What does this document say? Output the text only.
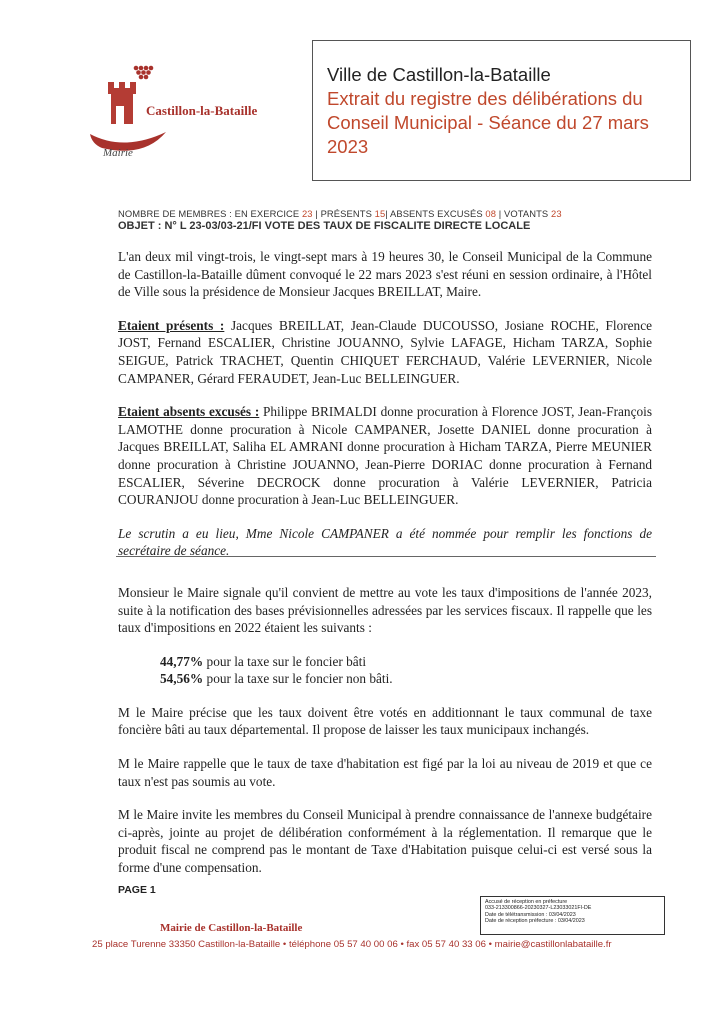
Castillon-la-Bataille
Mairie
Ville de Castillon-la-Bataille
Extrait du registre des délibérations du Conseil Municipal - Séance du 27 mars 2023
NOMBRE DE MEMBRES : EN EXERCICE 23 | PRÉSENTS 15| ABSENTS EXCUSÉS 08 | VOTANTS 23
OBJET : N° L 23-03/03-21/FI VOTE DES TAUX DE FISCALITE DIRECTE LOCALE

L'an deux mil vingt-trois, le vingt-sept mars à 19 heures 30, le Conseil Municipal de la Commune de Castillon-la-Bataille dûment convoqué le 22 mars 2023 s'est réuni en session ordinaire, à l'Hôtel de Ville sous la présidence de Monsieur Jacques BREILLAT, Maire.

Etaient présents : Jacques BREILLAT, Jean-Claude DUCOUSSO, Josiane ROCHE, Florence JOST, Fernand ESCALIER, Christine JOUANNO, Sylvie LAFAGE, Hicham TARZA, Sophie SEIGUE, Patrick TRACHET, Quentin CHIQUET FERCHAUD, Valérie LEVERNIER, Nicole CAMPANER, Gérard FERAUDET, Jean-Luc BELLEINGUER.

Etaient absents excusés : Philippe BRIMALDI donne procuration à Florence JOST, Jean-François LAMOTHE donne procuration à Nicole CAMPANER, Josette DANIEL donne procuration à Jacques BREILLAT, Saliha EL AMRANI donne procuration à Hicham TARZA, Pierre MEUNIER donne procuration à Christine JOUANNO, Jean-Pierre DORIAC donne procuration à Fernand ESCALIER, Séverine DECROCK donne procuration à Valérie LEVERNIER, Patricia COURANJOU donne procuration à Jean-Luc BELLEINGUER.

Le scrutin a eu lieu, Mme Nicole CAMPANER a été nommée pour remplir les fonctions de secrétaire de séance.

Monsieur le Maire signale qu'il convient de mettre au vote les taux d'impositions de l'année 2023, suite à la notification des bases prévisionnelles adressées par les services fiscaux. Il rappelle que les taux d'impositions en 2022 étaient les suivants :

44,77% pour la taxe sur le foncier bâti
54,56% pour la taxe sur le foncier non bâti.

M le Maire précise que les taux doivent être votés en additionnant le taux communal de taxe foncière bâti au taux départemental. Il propose de laisser les taux municipaux inchangés.

M le Maire rappelle que le taux de taxe d'habitation est figé par la loi au niveau de 2019 et que ce taux n'est pas soumis au vote.

M le Maire invite les membres du Conseil Municipal à prendre connaissance de l'annexe budgétaire ci-après, jointe au projet de délibération conformément à la réglementation. Il remarque que le produit fiscal ne comprend pas le montant de Taxe d'Habitation puisque celui-ci est versé sous la forme d'une compensation.

PAGE 1
Accusé de réception en préfecture
033-213300866-20230327-L23033021FI-DE
Date de télétransmission : 03/04/2023
Date de réception préfecture : 03/04/2023
Mairie de Castillon-la-Bataille
25 place Turenne 33350 Castillon-la-Bataille • téléphone 05 57 40 00 06 • fax 05 57 40 33 06 • mairie@castillonlabataille.fr
